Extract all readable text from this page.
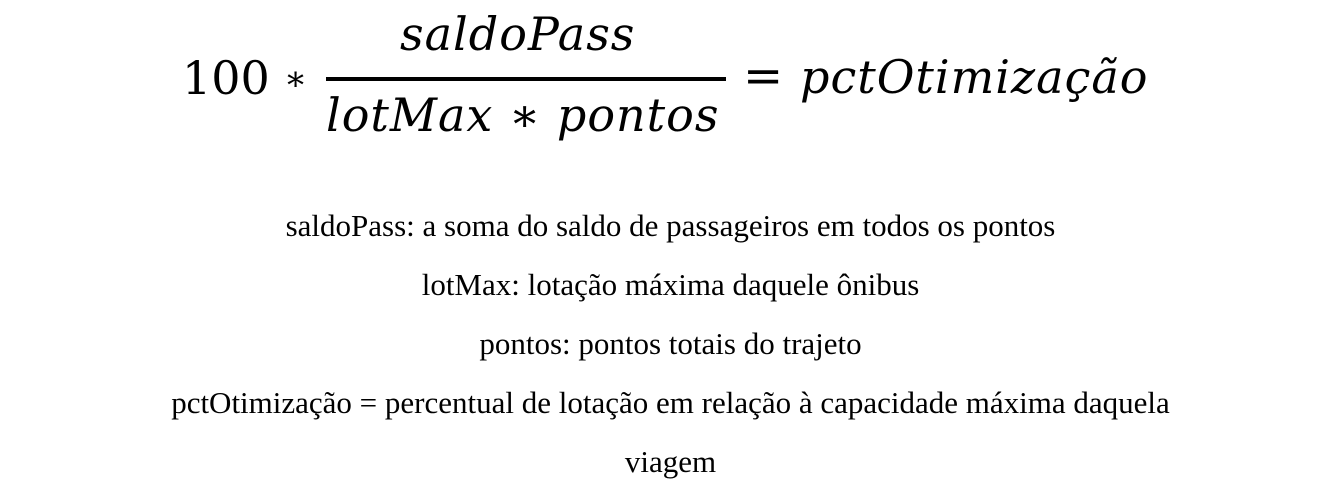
100 ∗
saldoPass
lotMax ∗ pontos
= pctOtimização

saldoPass: a soma do saldo de passageiros em todos os pontos

lotMax: lotação máxima daquele ônibus

pontos: pontos totais do trajeto

pctOtimização = percentual de lotação em relação à capacidade máxima daquela

viagem
